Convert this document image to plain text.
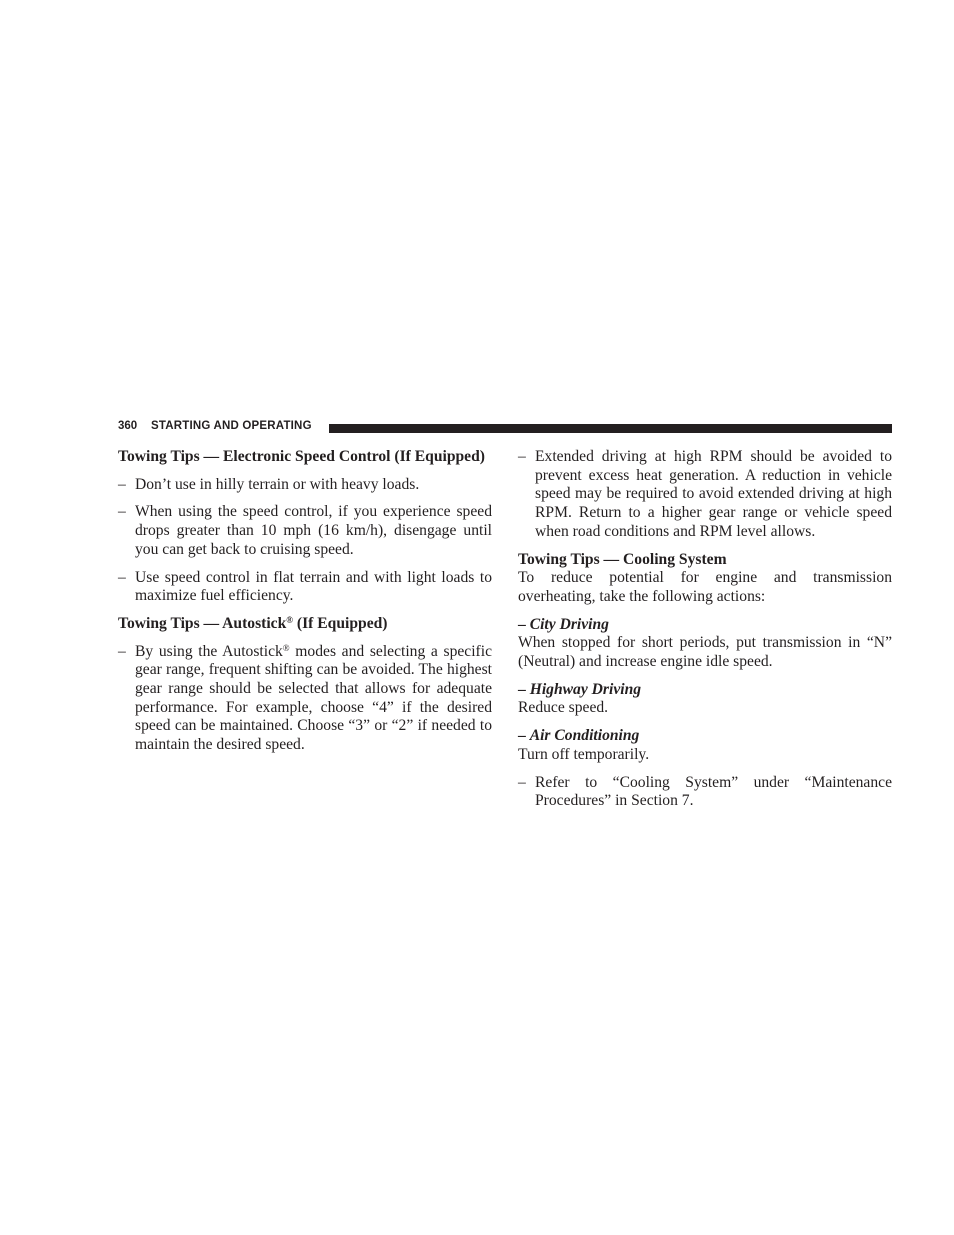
360 STARTING AND OPERATING

Towing Tips — Electronic Speed Control (If Equipped)

– Don’t use in hilly terrain or with heavy loads.

– When using the speed control, if you experience speed drops greater than 10 mph (16 km/h), disengage until you can get back to cruising speed.

– Use speed control in flat terrain and with light loads to maximize fuel efficiency.

Towing Tips — Autostick® (If Equipped)

– By using the Autostick® modes and selecting a specific gear range, frequent shifting can be avoided. The highest gear range should be selected that allows for adequate performance. For example, choose “4” if the desired speed can be maintained. Choose “3” or “2” if needed to maintain the desired speed.

– Extended driving at high RPM should be avoided to prevent excess heat generation. A reduction in vehicle speed may be required to avoid extended driving at high RPM. Return to a higher gear range or vehicle speed when road conditions and RPM level allows.

Towing Tips — Cooling System

To reduce potential for engine and transmission overheating, take the following actions:

– City Driving

When stopped for short periods, put transmission in “N” (Neutral) and increase engine idle speed.

– Highway Driving

Reduce speed.

– Air Conditioning

Turn off temporarily.

– Refer to “Cooling System” under “Maintenance Procedures” in Section 7.
